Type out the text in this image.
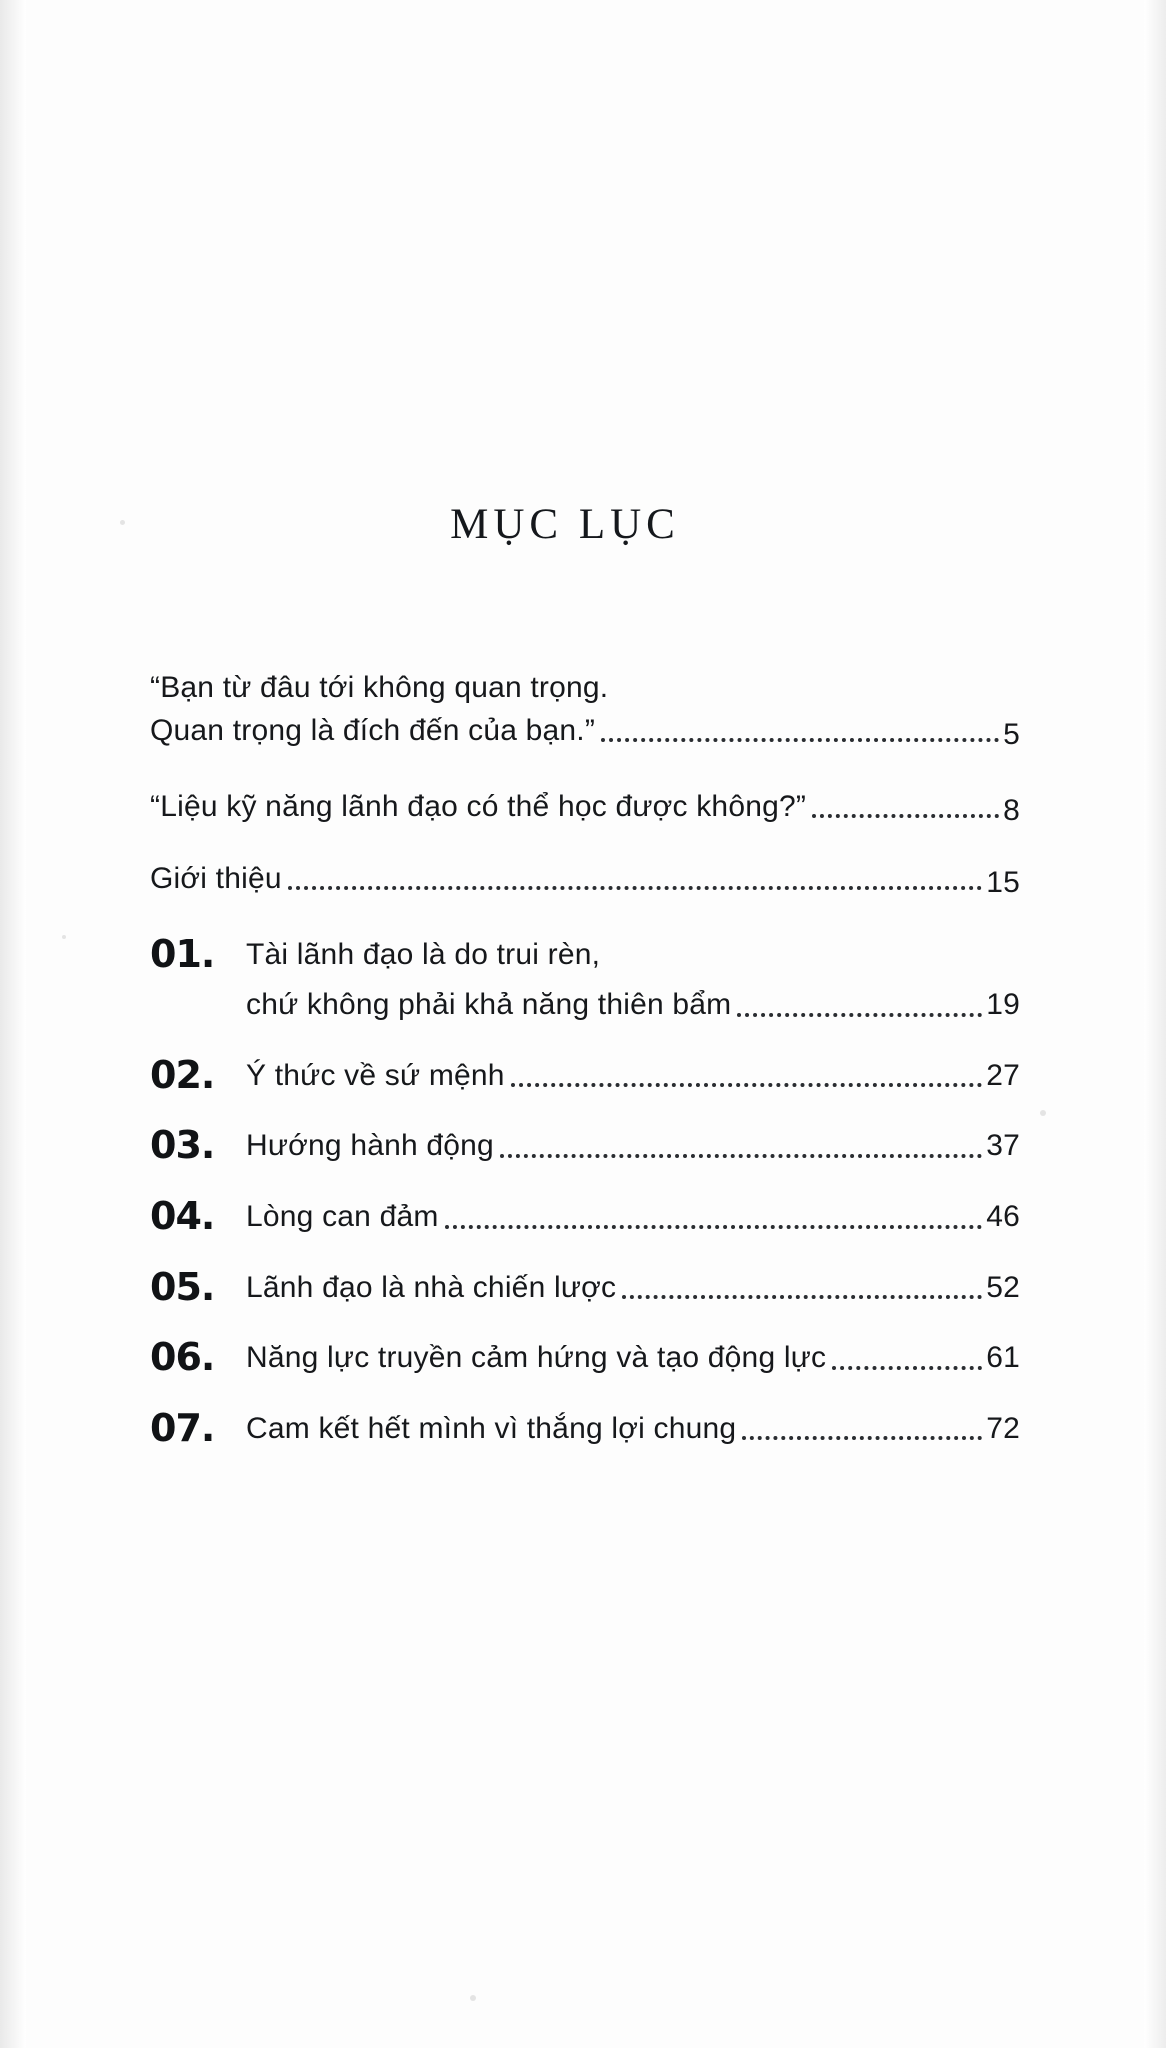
MỤC LỤC
“Bạn từ đâu tới không quan trọng.
Quan trọng là đích đến của bạn.”	5
“Liệu kỹ năng lãnh đạo có thể học được không?”	8
Giới thiệu	15
01.	Tài lãnh đạo là do trui rèn,
chứ không phải khả năng thiên bẩm	19
02.	Ý thức về sứ mệnh	27
03.	Hướng hành động	37
04.	Lòng can đảm	46
05.	Lãnh đạo là nhà chiến lược	52
06.	Năng lực truyền cảm hứng và tạo động lực	61
07.	Cam kết hết mình vì thắng lợi chung	72
